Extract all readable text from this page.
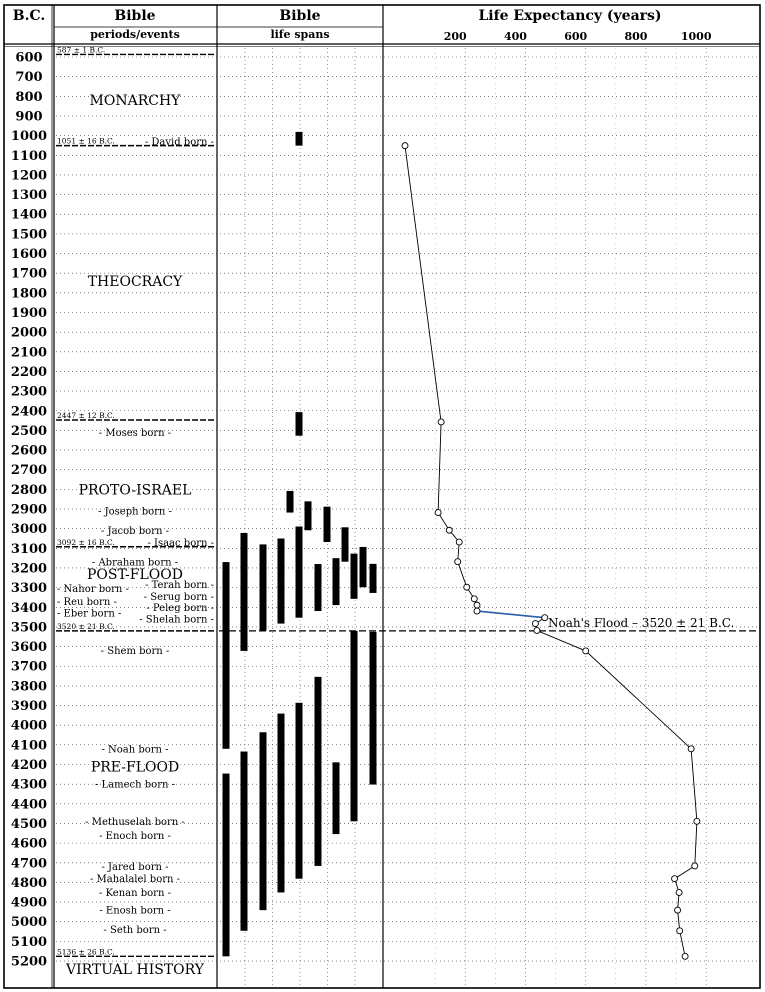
B.C.	Bible
periods/events
Bible
life spans
Life Expectancy (years)
600
700
800
900
1000
1100
1200
1300
1400
1500
1600
1700
1800
1900
2000
2100
2200
2300
2400
2500
2600
2700
2800
2900
3000
3100
3200
3300
3400
3500
3600
3700
3800
3900
4000
4100
4200
4300
4400
4500
4600
4700
4800
4900
5000
5100
5200
200	400	600	800	1000
587 ± 1 B.C.
1051 ± 16 B.C.
2447 ± 12 B.C.
3092 ± 16 B.C.
3520 ± 21 B.C.
5136 ± 26 B.C.
Noah's Flood – 3520 ± 21 B.C.
MONARCHY
THEOCRACY
PROTO-ISRAEL
POST-FLOOD
PRE-FLOOD
VIRTUAL HISTORY
- David born -
- Moses born -
- Joseph born -
- Jacob born -
- Isaac born -
- Abraham born -
- Terah born -
- Nahor born -
- Serug born -
- Reu born -
- Peleg born -
- Eber born -
- Shelah born -
- Shem born -
- Noah born -
- Lamech born -
- Methuselah born -
- Enoch born -
- Jared born -
- Mahalalel born -
- Kenan born -
- Enosh born -
- Seth born -
